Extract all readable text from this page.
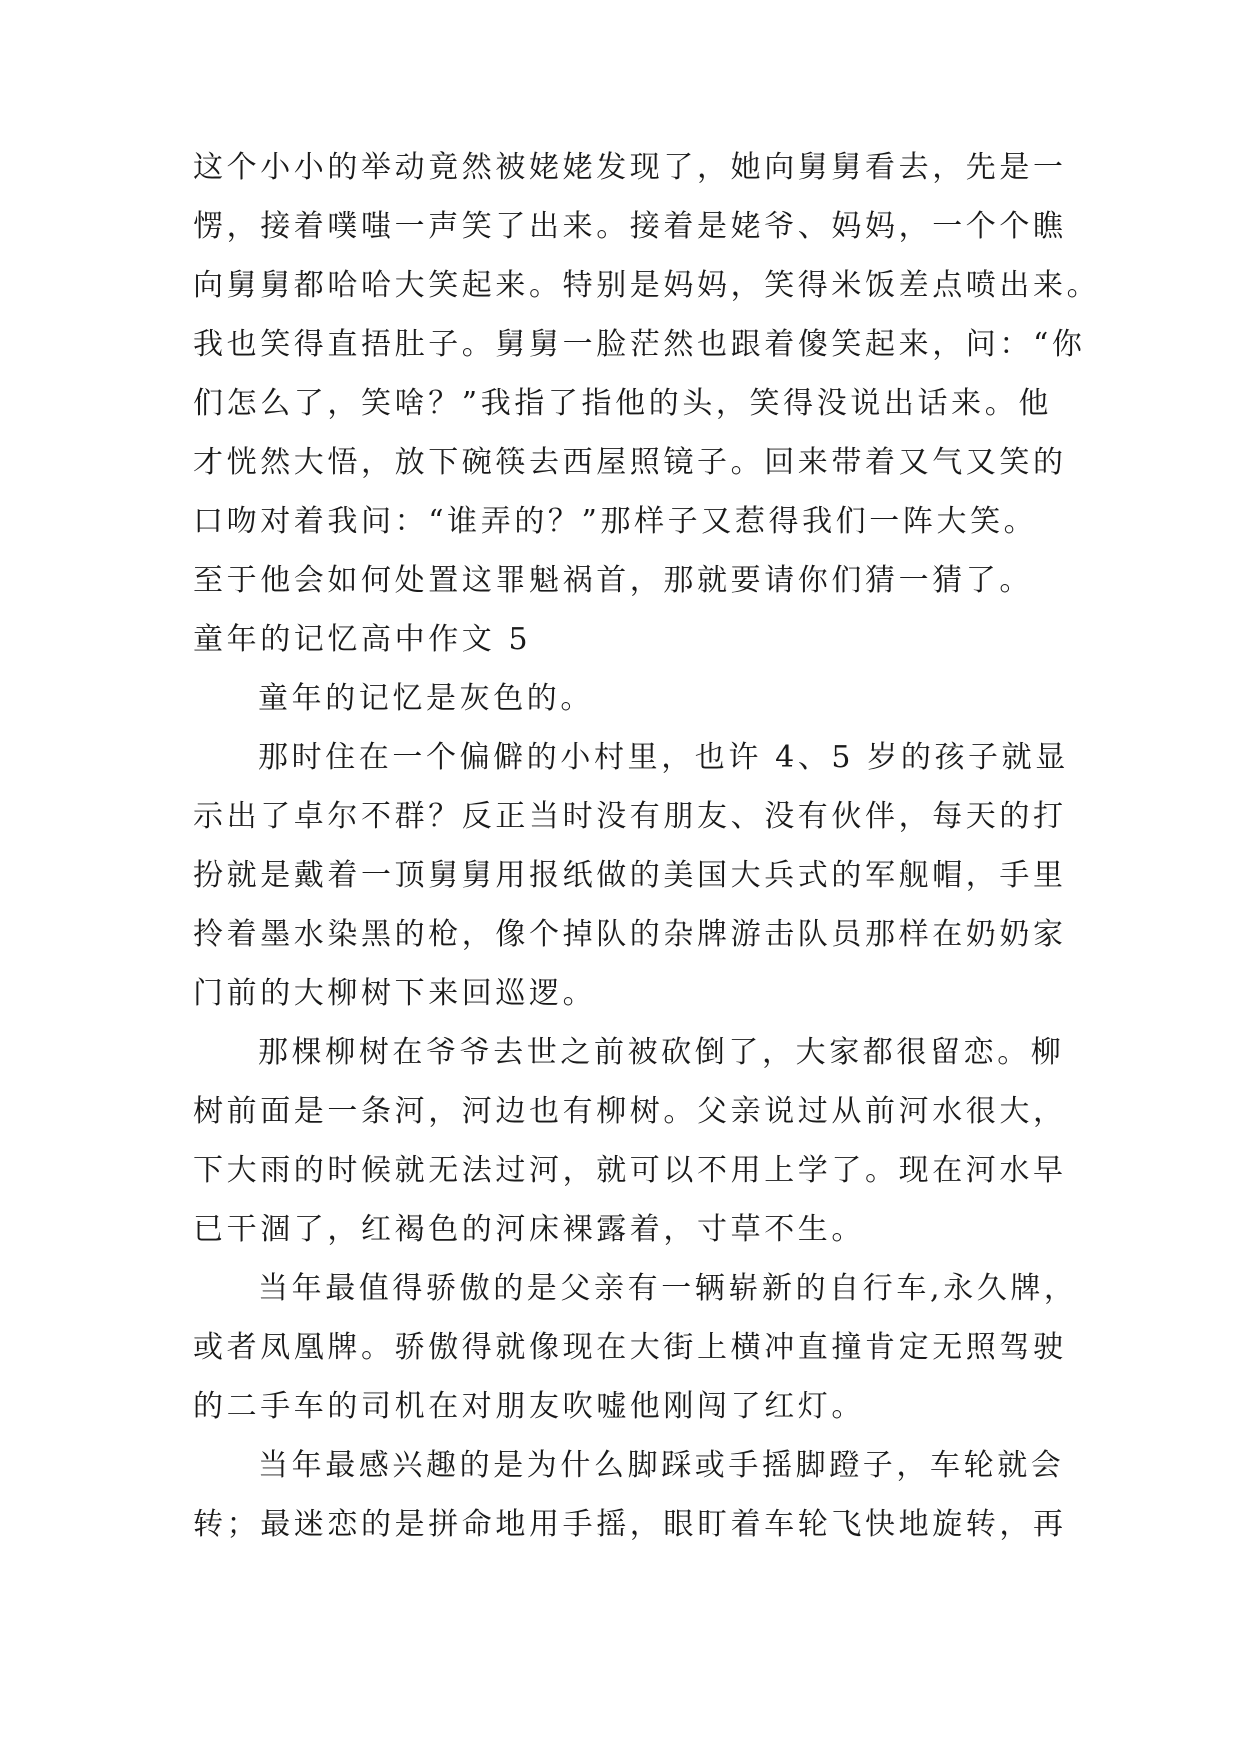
这个小小的举动竟然被姥姥发现了，她向舅舅看去，先是一
愣，接着噗嗤一声笑了出来。接着是姥爷、妈妈，一个个瞧
向舅舅都哈哈大笑起来。特别是妈妈，笑得米饭差点喷出来。
我也笑得直捂肚子。舅舅一脸茫然也跟着傻笑起来，问：“你
们怎么了，笑啥？”我指了指他的头，笑得没说出话来。他
才恍然大悟，放下碗筷去西屋照镜子。回来带着又气又笑的
口吻对着我问：“谁弄的？”那样子又惹得我们一阵大笑。
至于他会如何处置这罪魁祸首，那就要请你们猜一猜了。
童年的记忆高中作文 5
童年的记忆是灰色的。
那时住在一个偏僻的小村里，也许 4、5 岁的孩子就显
示出了卓尔不群？反正当时没有朋友、没有伙伴，每天的打
扮就是戴着一顶舅舅用报纸做的美国大兵式的军舰帽，手里
拎着墨水染黑的枪，像个掉队的杂牌游击队员那样在奶奶家
门前的大柳树下来回巡逻。
那棵柳树在爷爷去世之前被砍倒了，大家都很留恋。柳
树前面是一条河，河边也有柳树。父亲说过从前河水很大，
下大雨的时候就无法过河，就可以不用上学了。现在河水早
已干涸了，红褐色的河床裸露着，寸草不生。
当年最值得骄傲的是父亲有一辆崭新的自行车,永久牌，
或者凤凰牌。骄傲得就像现在大街上横冲直撞肯定无照驾驶
的二手车的司机在对朋友吹嘘他刚闯了红灯。
当年最感兴趣的是为什么脚踩或手摇脚蹬子，车轮就会
转；最迷恋的是拼命地用手摇，眼盯着车轮飞快地旋转，再
